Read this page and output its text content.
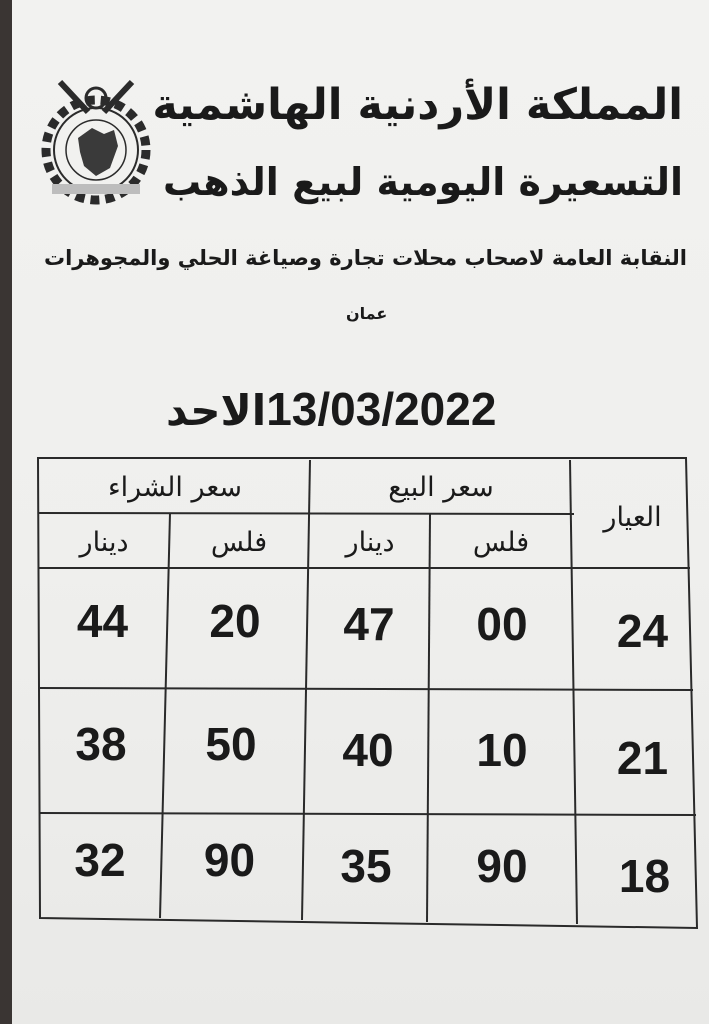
المملكة الأردنية الهاشمية
التسعيرة اليومية لبيع الذهب
النقابة العامة لاصحاب محلات تجارة وصياغة الحلي والمجوهرات
عمان
13/03/2022الاحد
العيار
سعر البيع
سعر الشراء
فلس
دينار
فلس
دينار
24
00
47
20
44
21
10
40
50
38
18
90
35
90
32
